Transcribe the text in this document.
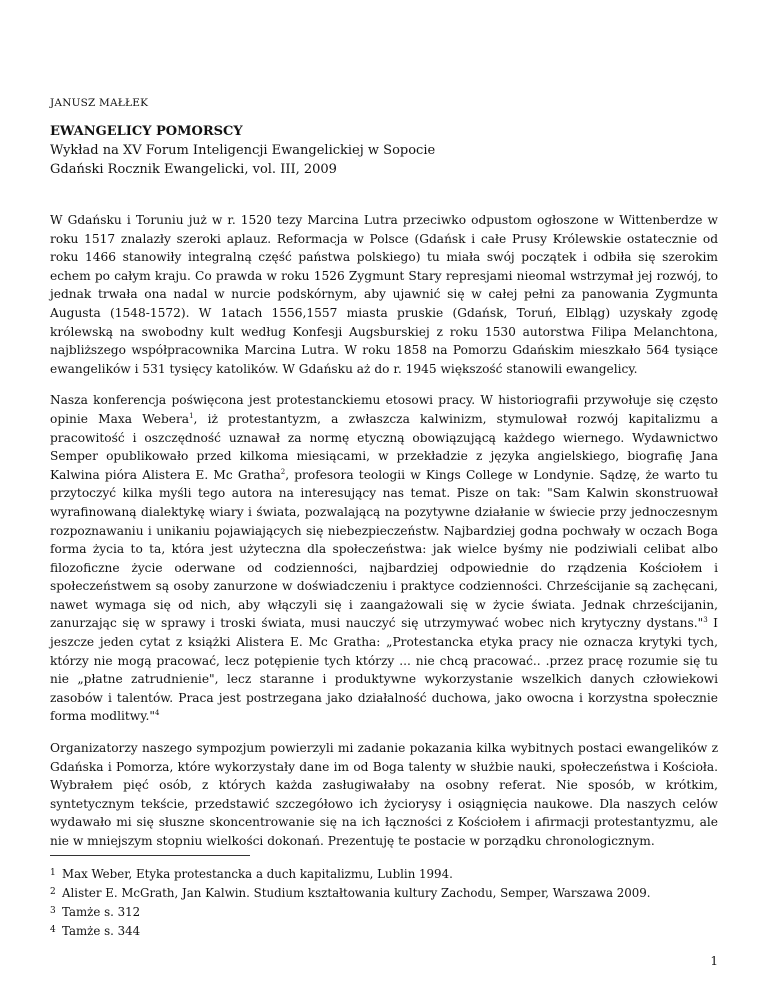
JANUSZ MAŁŁEK
EWANGELICY POMORSCY
Wykład na XV Forum Inteligencji Ewangelickiej w Sopocie
Gdański Rocznik Ewangelicki, vol. III, 2009

W Gdańsku i Toruniu już w r. 1520 tezy Marcina Lutra przeciwko odpustom ogłoszone w Wittenberdze w roku 1517 znalazły szeroki aplauz. Reformacja w Polsce (Gdańsk i całe Prusy Królewskie ostatecznie od roku 1466 stanowiły integralną część państwa polskiego) tu miała swój początek i odbiła się szerokim echem po całym kraju. Co prawda w roku 1526 Zygmunt Stary represjami nieomal wstrzymał jej rozwój, to jednak trwała ona nadal w nurcie podskórnym, aby ujawnić się w całej pełni za panowania Zygmunta Augusta (1548-1572). W 1atach 1556,1557 miasta pruskie (Gdańsk, Toruń, Elbląg) uzyskały zgodę królewską na swobodny kult według Konfesji Augsburskiej z roku 1530 autorstwa Filipa Melanchtona, najbliższego współpracownika Marcina Lutra. W roku 1858 na Pomorzu Gdańskim mieszkało 564 tysiące ewangelików i 531 tysięcy katolików. W Gdańsku aż do r. 1945 większość stanowili ewangelicy.

Nasza konferencja poświęcona jest protestanckiemu etosowi pracy. W historiografii przywołuje się często opinie Maxa Webera$^1$, iż protestantyzm, a zwłaszcza kalwinizm, stymulował rozwój kapitalizmu a pracowitość i oszczędność uznawał za normę etyczną obowiązującą każdego wiernego. Wydawnictwo Semper opublikowało przed kilkoma miesiącami, w przekładzie z języka angielskiego, biografię Jana Kalwina pióra Alistera E. Mc Gratha$^2$, profesora teologii w Kings College w Londynie. Sądzę, że warto tu przytoczyć kilka myśli tego autora na interesujący nas temat. Pisze on tak: "Sam Kalwin skonstruował wyrafinowaną dialektykę wiary i świata, pozwalającą na pozytywne działanie w świecie przy jednoczesnym rozpoznawaniu i unikaniu pojawiających się niebezpieczeństw. Najbardziej godna pochwały w oczach Boga forma życia to ta, która jest użyteczna dla społeczeństwa: jak wielce byśmy nie podziwiali celibat albo filozoficzne życie oderwane od codzienności, najbardziej odpowiednie do rządzenia Kościołem i społeczeństwem są osoby zanurzone w doświadczeniu i praktyce codzienności. Chrześcijanie są zachęcani, nawet wymaga się od nich, aby włączyli się i zaangażowali się w życie świata. Jednak chrześcijanin, zanurzając się w sprawy i troski świata, musi nauczyć się utrzymywać wobec nich krytyczny dystans."$^3$ I jeszcze jeden cytat z książki Alistera E. Mc Gratha: „Protestancka etyka pracy nie oznacza krytyki tych, którzy nie mogą pracować, lecz potępienie tych którzy ... nie chcą pracować.. .przez pracę rozumie się tu nie „płatne zatrudnienie", lecz staranne i produktywne wykorzystanie wszelkich danych człowiekowi zasobów i talentów. Praca jest postrzegana jako działalność duchowa, jako owocna i korzystna społecznie forma modlitwy."$^4$

Organizatorzy naszego sympozjum powierzyli mi zadanie pokazania kilka wybitnych postaci ewangelików z Gdańska i Pomorza, które wykorzystały dane im od Boga talenty w służbie nauki, społeczeństwa i Kościoła. Wybrałem pięć osób, z których każda zasługiwałaby na osobny referat. Nie sposób, w krótkim, syntetycznym tekście, przedstawić szczegółowo ich życiorysy i osiągnięcia naukowe. Dla naszych celów wydawało mi się słuszne skoncentrowanie się na ich łączności z Kościołem i afirmacji protestantyzmu, ale nie w mniejszym stopniu wielkości dokonań. Prezentuję te postacie w porządku chronologicznym.

1 Max Weber, Etyka protestancka a duch kapitalizmu, Lublin 1994.
2 Alister E. McGrath, Jan Kalwin. Studium kształtowania kultury Zachodu, Semper, Warszawa 2009.
3 Tamże s. 312
4 Tamże s. 344
1
